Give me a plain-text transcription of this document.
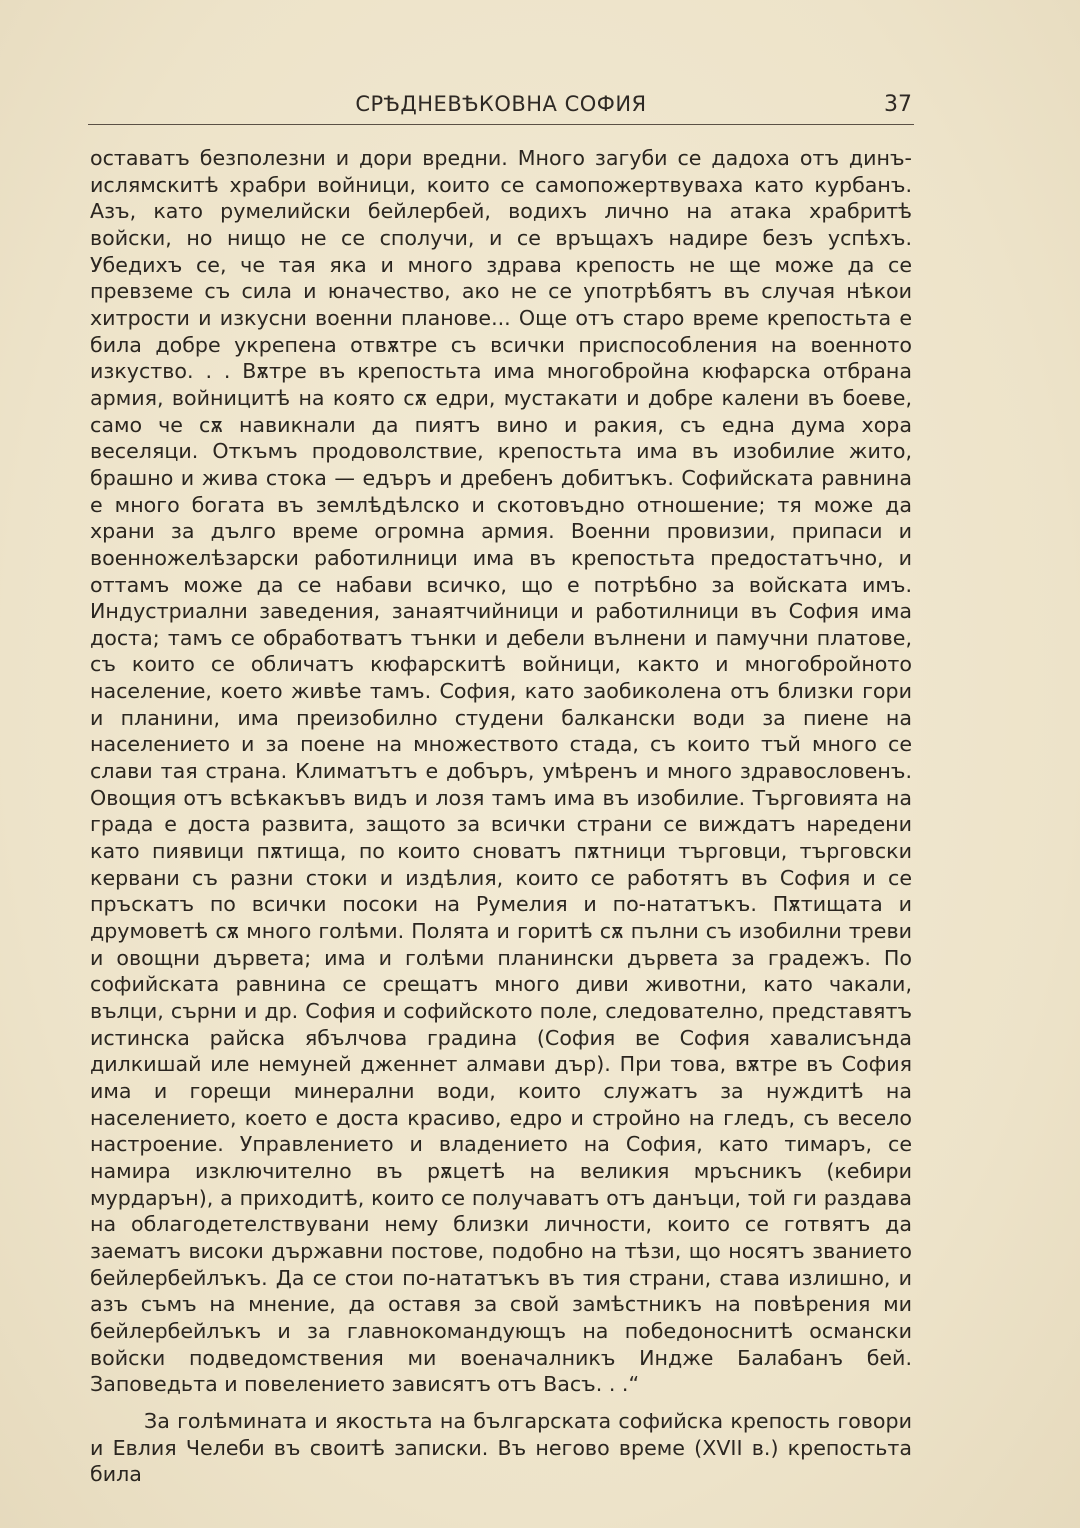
СРѢДНЕВѢКОВНА СОФИЯ	37

оставатъ безполезни и дори вредни. Много загуби се дадоха отъ динъ-ислямскитѣ храбри войници, които се самопожертвуваха като курбанъ. Азъ, като румелийски бейлербей, водихъ лично на атака храбритѣ войски, но нищо не се сполучи, и се връщахъ надире безъ успѣхъ. Убедихъ се, че тая яка и много здрава крепость не ще може да се превземе съ сила и юначество, ако не се употрѣбятъ въ случая нѣкои хитрости и изкусни военни планове... Още отъ старо време крепостьта е била добре укрепена отвѫтре съ всички приспособления на военното изкуство. . . Вѫтре въ крепостьта има многобройна кюфарска отбрана армия, войницитѣ на която сѫ едри, мустакати и добре калени въ боеве, само че сѫ навикнали да пиятъ вино и ракия, съ една дума хора веселяци. Откъмъ продоволствие, крепостьта има въ изобилие жито, брашно и жива стока — едъръ и дребенъ добитъкъ. Софийската равнина е много богата въ землѣдѣлско и скотовъдно отношение; тя може да храни за дълго време огромна армия. Военни провизии, припаси и военножелѣзарски работилници има въ крепостьта предостатъчно, и оттамъ може да се набави всичко, що е потрѣбно за войската имъ. Индустриални заведения, занаятчийници и работилници въ София има доста; тамъ се обработватъ тънки и дебели вълнени и памучни платове, съ които се обличатъ кюфарскитѣ войници, както и многобройното население, което живѣе тамъ. София, като заобиколена отъ близки гори и планини, има преизобилно студени балкански води за пиене на населението и за поене на множеството стада, съ които тъй много се слави тая страна. Климатътъ е добъръ, умѣренъ и много здравословенъ. Овощия отъ всѣкакъвъ видъ и лозя тамъ има въ изобилие. Търговията на града е доста развита, защото за всички страни се виждатъ наредени като пиявици пѫтища, по които сноватъ пѫтници търговци, търговски кервани съ разни стоки и издѣлия, които се работятъ въ София и се пръскатъ по всички посоки на Румелия и по-нататъкъ. Пѫтищата и друмоветѣ сѫ много голѣми. Полята и горитѣ сѫ пълни съ изобилни треви и овощни дървета; има и голѣми планински дървета за градежъ. По софийската равнина се срещатъ много диви животни, като чакали, вълци, сърни и др. София и софийското поле, следователно, представятъ истинска райска ябълчова градина (София ве София хавалисънда дилкишай иле немуней дженнет алмави дър). При това, вѫтре въ София има и горещи минерални води, които служатъ за нуждитѣ на населението, което е доста красиво, едро и стройно на гледъ, съ весело настроение. Управлението и владението на София, като тимаръ, се намира изключително въ рѫцетѣ на великия мръсникъ (кебири мурдарън), а приходитѣ, които се получаватъ отъ данъци, той ги раздава на облагодетелствувани нему близки личности, които се готвятъ да заематъ високи държавни постове, подобно на тѣзи, що носятъ званието бейлербейлъкъ. Да се стои по-нататъкъ въ тия страни, става излишно, и азъ съмъ на мнение, да оставя за свой замѣстникъ на повѣрения ми бейлербейлъкъ и за главнокомандующъ на победоноснитѣ османски войски подведомствения ми военачалникъ Индже Балабанъ бей. Заповедьта и повелението зависятъ отъ Васъ. . .“

За голѣмината и якостьта на българската софийска крепость говори и Евлия Челеби въ своитѣ записки. Въ негово време (XVII в.) крепостьта била
